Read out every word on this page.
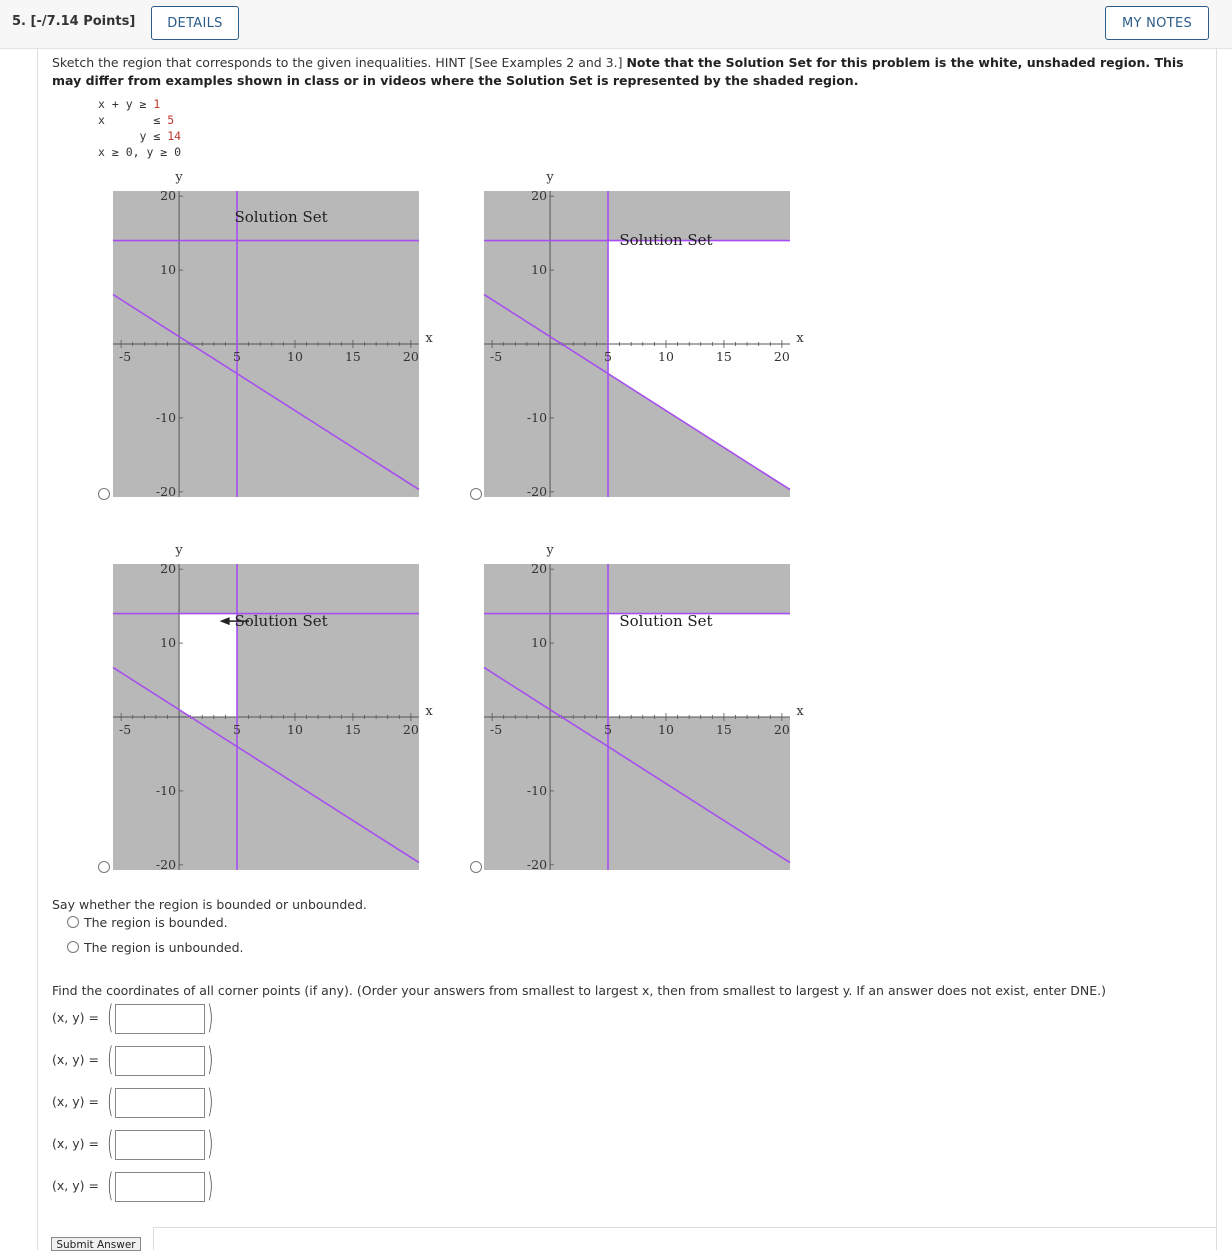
5. [-/7.14 Points]	DETAILS	MY NOTES
Sketch the region that corresponds to the given inequalities. HINT [See Examples 2 and 3.] Note that the Solution Set for this problem is the white, unshaded region. This may differ from examples shown in class or in videos where the Solution Set is represented by the shaded region.
x + y ≥ 1
x       ≤ 5
y ≤ 14
x ≥ 0, y ≥ 0
-5	5	10	15	20
20
10
-10
-20
y
x
Solution Set
-5	5	10	15	20
20
10
-10
-20
y
x
Solution Set
-5	5	10	15	20
20
10
-10
-20
y
x
Solution Set
-5	5	10	15	20
20
10
-10
-20
y
x
Solution Set
Say whether the region is bounded or unbounded.
The region is bounded.
The region is unbounded.
Find the coordinates of all corner points (if any). (Order your answers from smallest to largest x, then from smallest to largest y. If an answer does not exist, enter DNE.)
(x, y) = (	)
(x, y) = (	)
(x, y) = (	)
(x, y) = (	)
(x, y) = (	)
Submit Answer
